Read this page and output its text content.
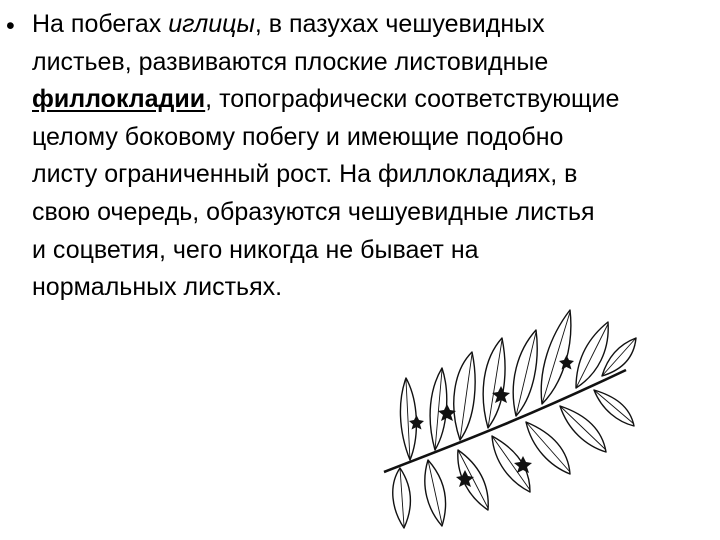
• На побегах иглицы, в пазухах чешуевидных
листьев, развиваются плоские листовидные
филлокладии, топографически соответствующие
целому боковому побегу и имеющие подобно
листу ограниченный рост. На филлокладиях, в
свою очередь, образуются чешуевидные листья
и соцветия, чего никогда не бывает на
нормальных листьях.
